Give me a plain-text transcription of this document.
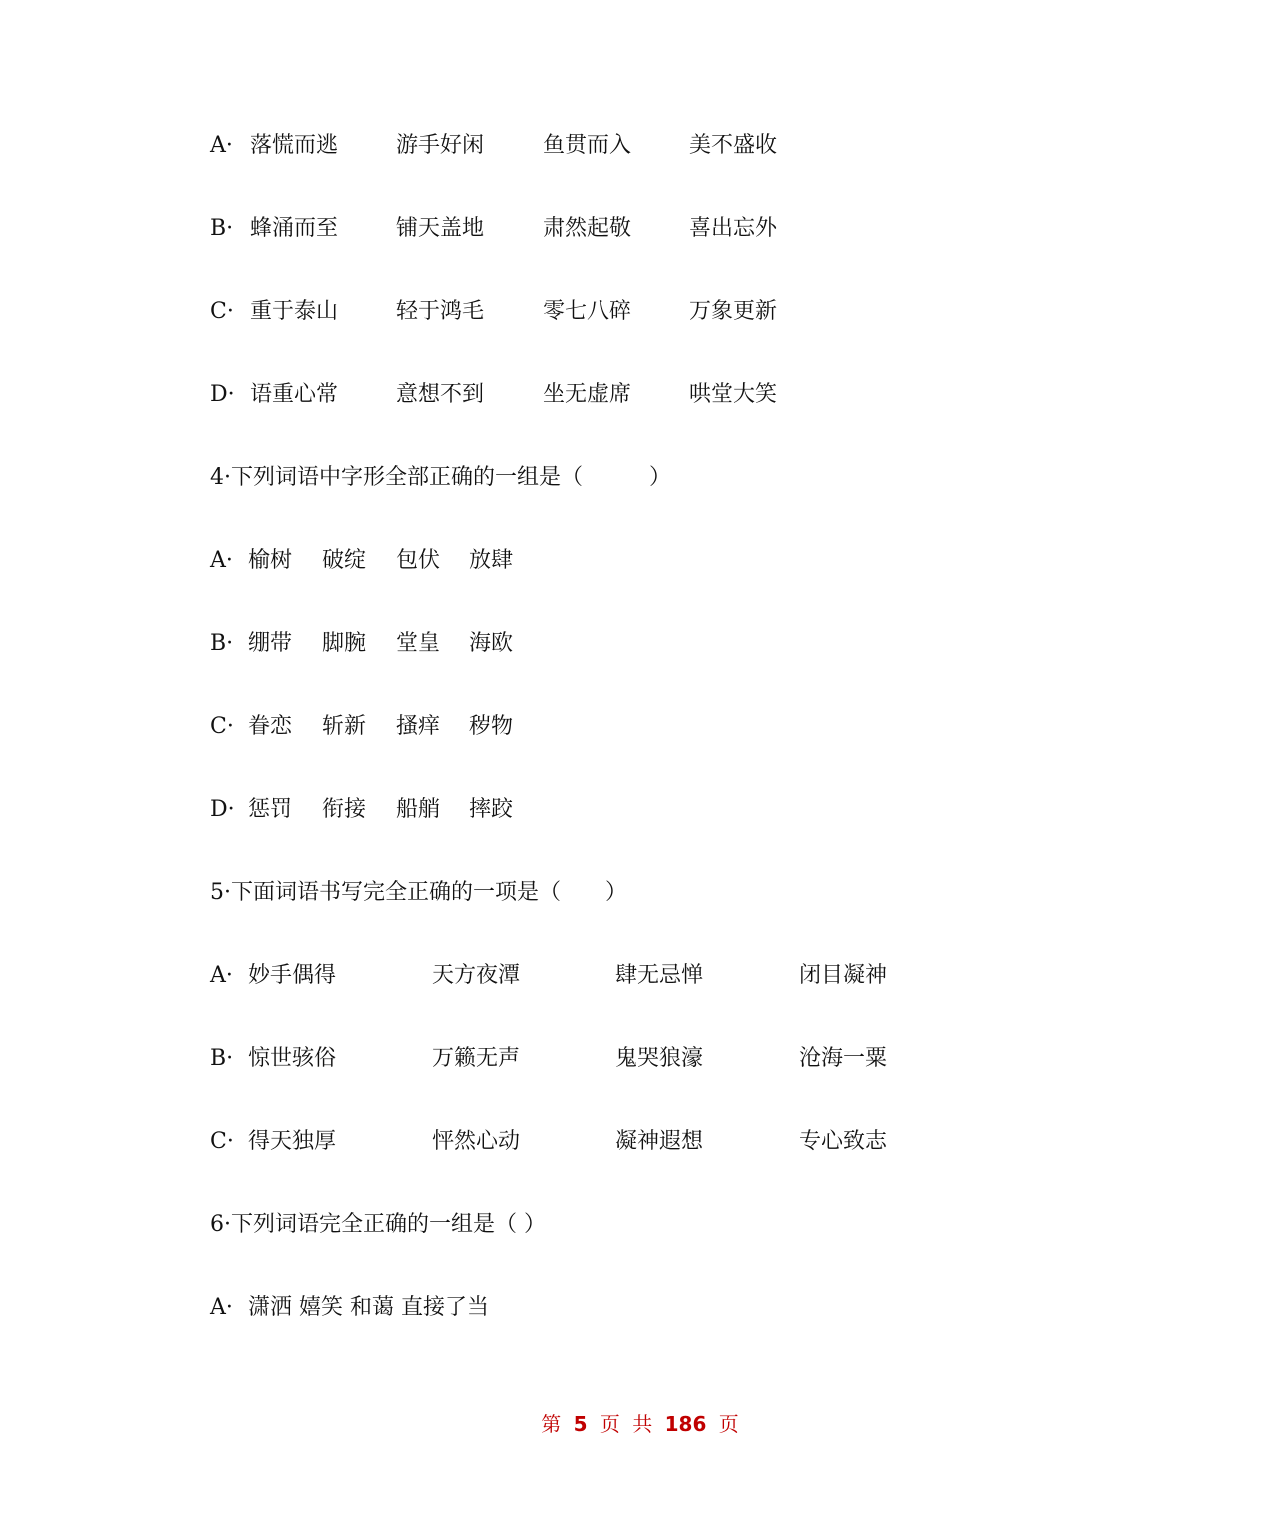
A· 落慌而逃	游手好闲	鱼贯而入	美不盛收
B· 蜂涌而至	铺天盖地	肃然起敬	喜出忘外
C· 重于泰山	轻于鸿毛	零七八碎	万象更新
D· 语重心常	意想不到	坐无虚席	哄堂大笑
4·下列词语中字形全部正确的一组是（　　　）
A· 榆树 破绽 包伏 放肆
B· 绷带 脚腕 堂皇 海欧
C· 眷恋 斩新 搔痒 秽物
D· 惩罚 衔接 船艄 摔跤
5·下面词语书写完全正确的一项是（　　）
A· 妙手偶得	天方夜潭	肆无忌惮	闭目凝神
B· 惊世骇俗	万籁无声	鬼哭狼濠	沧海一粟
C· 得天独厚	怦然心动	凝神遐想	专心致志
6·下列词语完全正确的一组是（ ）
A· 潇洒 嬉笑 和蔼 直接了当
第 5 页 共 186 页
